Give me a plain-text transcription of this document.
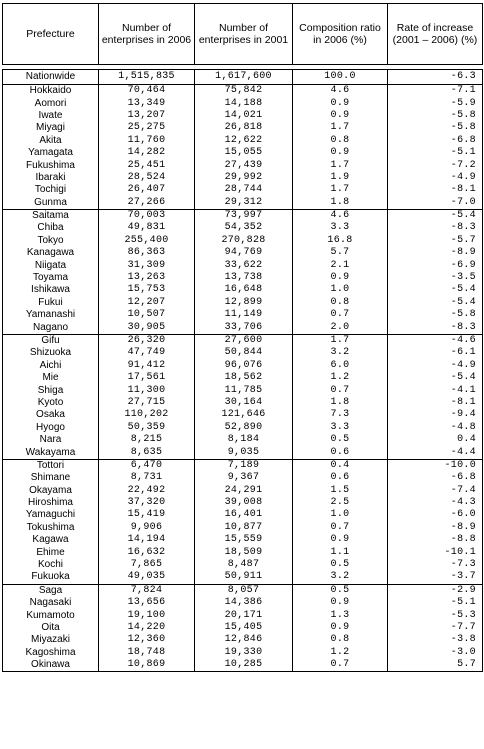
Prefecture	Number of enterprises in 2006	Number of enterprises in 2001	Composition ratio in 2006 (%)	Rate of increase (2001 – 2006) (%)

Nationwide	1,515,835	1,617,600	100.0	-6.3
Hokkaido	70,464	75,842	4.6	-7.1
Aomori	13,349	14,188	0.9	-5.9
Iwate	13,207	14,021	0.9	-5.8
Miyagi	25,275	26,818	1.7	-5.8
Akita	11,760	12,622	0.8	-6.8
Yamagata	14,282	15,055	0.9	-5.1
Fukushima	25,451	27,439	1.7	-7.2
Ibaraki	28,524	29,992	1.9	-4.9
Tochigi	26,407	28,744	1.7	-8.1
Gunma	27,266	29,312	1.8	-7.0
Saitama	70,003	73,997	4.6	-5.4
Chiba	49,831	54,352	3.3	-8.3
Tokyo	255,400	270,828	16.8	-5.7
Kanagawa	86,363	94,769	5.7	-8.9
Niigata	31,309	33,622	2.1	-6.9
Toyama	13,263	13,738	0.9	-3.5
Ishikawa	15,753	16,648	1.0	-5.4
Fukui	12,207	12,899	0.8	-5.4
Yamanashi	10,507	11,149	0.7	-5.8
Nagano	30,905	33,706	2.0	-8.3
Gifu	26,320	27,600	1.7	-4.6
Shizuoka	47,749	50,844	3.2	-6.1
Aichi	91,412	96,076	6.0	-4.9
Mie	17,561	18,562	1.2	-5.4
Shiga	11,300	11,785	0.7	-4.1
Kyoto	27,715	30,164	1.8	-8.1
Osaka	110,202	121,646	7.3	-9.4
Hyogo	50,359	52,890	3.3	-4.8
Nara	8,215	8,184	0.5	0.4
Wakayama	8,635	9,035	0.6	-4.4
Tottori	6,470	7,189	0.4	-10.0
Shimane	8,731	9,367	0.6	-6.8
Okayama	22,492	24,291	1.5	-7.4
Hiroshima	37,320	39,008	2.5	-4.3
Yamaguchi	15,419	16,401	1.0	-6.0
Tokushima	9,906	10,877	0.7	-8.9
Kagawa	14,194	15,559	0.9	-8.8
Ehime	16,632	18,509	1.1	-10.1
Kochi	7,865	8,487	0.5	-7.3
Fukuoka	49,035	50,911	3.2	-3.7
Saga	7,824	8,057	0.5	-2.9
Nagasaki	13,656	14,386	0.9	-5.1
Kumamoto	19,100	20,171	1.3	-5.3
Oita	14,220	15,405	0.9	-7.7
Miyazaki	12,360	12,846	0.8	-3.8
Kagoshima	18,748	19,330	1.2	-3.0
Okinawa	10,869	10,285	0.7	5.7
